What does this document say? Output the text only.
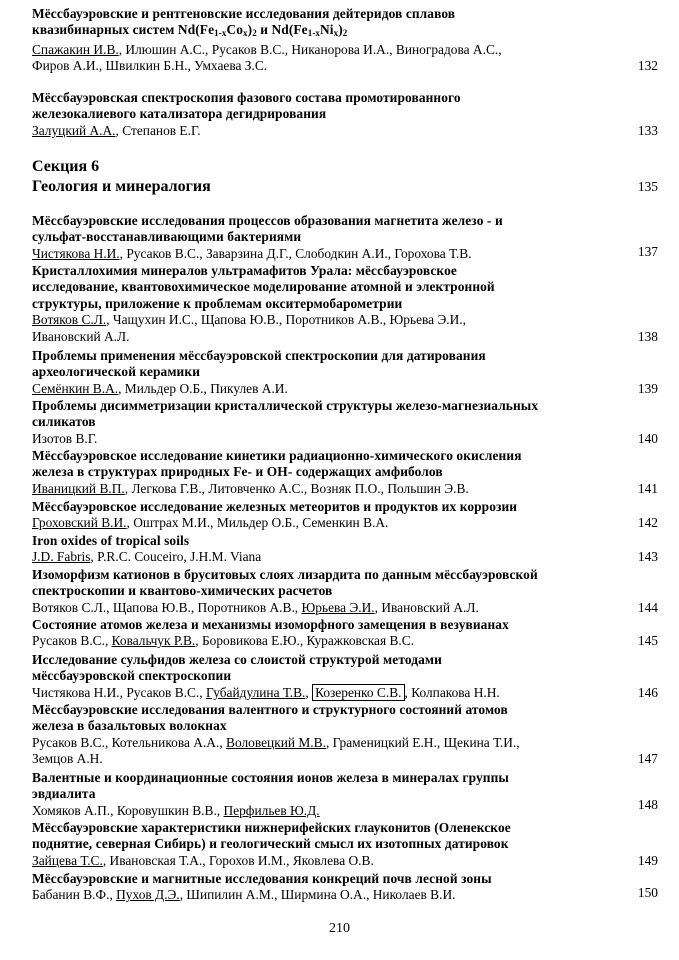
Мёссбауэровские и рентгеновские исследования дейтеридов сплавов
квазибинарных систем $Nd(Fe_{1-x}Co_x)_2$ и $Nd(Fe_{1-x}Ni_x)_2$
Спажакин И.В., Илюшин А.С., Русаков В.С., Никанорова И.А., Виноградова А.С.,
Фиров А.И., Швилкин Б.Н., Умхаева З.С.	132
Мёссбауэровская спектроскопия фазового состава промотированного
железокалиевого катализатора дегидрирования
Залуцкий А.А., Степанов Е.Г.	133
Секция 6
Геология и минералогия	135
Мёссбауэровские исследования процессов образования магнетита железо - и
сульфат-восстанавливающими бактериями
Чистякова Н.И., Русаков В.С., Заварзина Д.Г., Слободкин А.И., Горохова Т.В.	137
Кристаллохимия минералов ультрамафитов Урала: мёссбауэровское
исследование, квантовохимическое моделирование атомной и электронной
структуры, приложение к проблемам окситермобарометрии
Вотяков С.Л., Чащухин И.С., Щапова Ю.В., Поротников А.В., Юрьева Э.И.,
Ивановский А.Л.	138
Проблемы применения мёссбауэровской спектроскопии для датирования
археологической керамики
Семёнкин В.А., Мильдер О.Б., Пикулев А.И.	139
Проблемы дисимметризации кристаллической структуры железо-магнезиальных
силикатов
Изотов В.Г.	140
Мёссбауэровское исследование кинетики радиационно-химического окисления
железа в структурах природных Fe- и OH- содержащих амфиболов
Иваницкий В.П., Легкова Г.В., Литовченко А.С., Возняк П.О., Польшин Э.В.	141
Мёссбауэровское исследование железных метеоритов и продуктов их коррозии
Гроховский В.И., Оштрах М.И., Мильдер О.Б., Семенкин В.А.	142
Iron oxides of tropical soils
J.D. Fabris, P.R.C. Couceiro, J.H.M. Viana	143
Изоморфизм катионов в бруситовых слоях лизардита по данным мёссбауэровской
спектроскопии и квантово-химических расчетов
Вотяков С.Л., Щапова Ю.В., Поротников А.В., Юрьева Э.И., Ивановский А.Л.	144
Состояние атомов железа и механизмы изоморфного замещения в везувианах
Русаков В.С., Ковальчук Р.В., Боровикова Е.Ю., Куражковская В.С.	145
Исследование сульфидов железа со слоистой структурой методами
мёссбауэровской спектроскопии
Чистякова Н.И., Русаков В.С., Губайдулина Т.В., Козеренко С.В. , Колпакова Н.Н.	146
Мёссбауэровские исследования валентного и структурного состояний атомов
железа в базальтовых волокнах
Русаков В.С., Котельникова А.А., Воловецкий М.В., Граменицкий Е.Н., Щекина Т.И.,
Земцов А.Н.	147
Валентные и координационные состояния ионов железа в минералах группы
эвдиалита
Хомяков А.П., Коровушкин В.В., Перфильев Ю.Д.	148
Мёссбауэровские характеристики нижнерифейских глауконитов (Оленекское
поднятие, северная Сибирь) и геологический смысл их изотопных датировок
Зайцева Т.С., Ивановская Т.А., Горохов И.М., Яковлева О.В.	149
Мёссбауэровские и магнитные исследования конкреций почв лесной зоны
Бабанин В.Ф., Пухов Д.Э., Шипилин А.М., Ширмина О.А., Николаев В.И.	150
210
